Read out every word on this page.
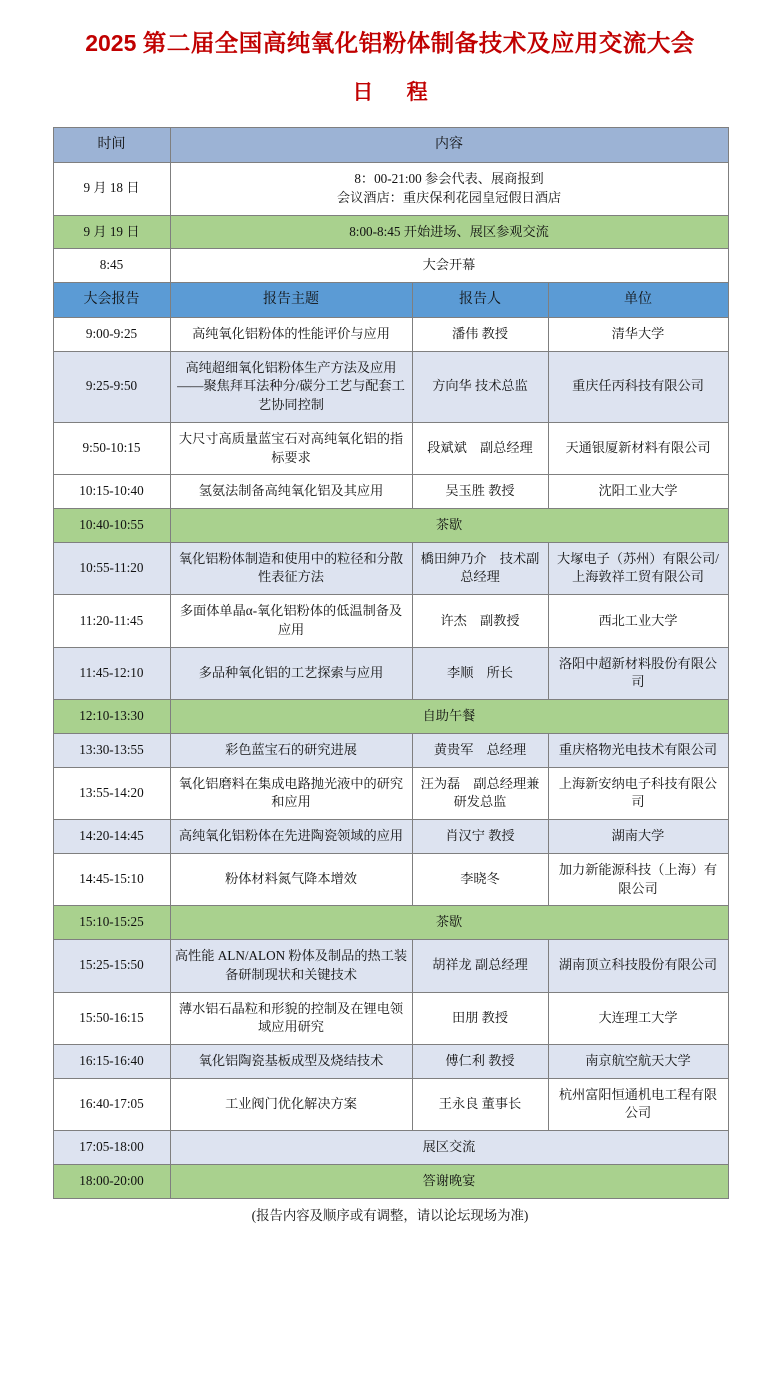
2025 第二届全国高纯氧化铝粉体制备技术及应用交流大会
日 程
时间	内容		
9 月 18 日	8：00-21:00 参会代表、展商报到
会议酒店：重庆保利花园皇冠假日酒店		

9 月 19 日	8:00-8:45 开始进场、展区参观交流		

8:45	大会开幕		

大会报告	报告主题	报告人	单位
9:00-9:25	高纯氧化铝粉体的性能评价与应用	潘伟 教授	清华大学
9:25-9:50	高纯超细氧化铝粉体生产方法及应用——聚焦拜耳法种分/碳分工艺与配套工艺协同控制	方向华 技术总监	重庆任丙科技有限公司
9:50-10:15	大尺寸高质量蓝宝石对高纯氧化铝的指标要求	段斌斌　副总经理	天通银厦新材料有限公司
10:15-10:40	氢氨法制备高纯氧化铝及其应用	吴玉胜 教授	沈阳工业大学
10:40-10:55	茶歇		
10:55-11:20	氧化铝粉体制造和使用中的粒径和分散性表征方法	橋田紳乃介　技术副总经理	大塚电子（苏州）有限公司/上海敦祥工贸有限公司
11:20-11:45	多面体单晶α-氧化铝粉体的低温制备及应用	许杰　副教授	西北工业大学
11:45-12:10	多品种氧化铝的工艺探索与应用	李顺　所长	洛阳中超新材料股份有限公司
12:10-13:30	自助午餐		
13:30-13:55	彩色蓝宝石的研究进展	黄贵军　总经理	重庆格物光电技术有限公司
13:55-14:20	氧化铝磨料在集成电路抛光液中的研究和应用	汪为磊　副总经理兼研发总监	上海新安纳电子科技有限公司
14:20-14:45	高纯氧化铝粉体在先进陶瓷领域的应用	肖汉宁 教授	湖南大学
14:45-15:10	粉体材料氮气降本增效	李晓冬	加力新能源科技（上海）有限公司
15:10-15:25	茶歇		
15:25-15:50	高性能 ALN/ALON 粉体及制品的热工装备研制现状和关键技术	胡祥龙 副总经理	湖南顶立科技股份有限公司
15:50-16:15	薄水铝石晶粒和形貌的控制及在锂电领域应用研究	田朋 教授	大连理工大学
16:15-16:40	氧化铝陶瓷基板成型及烧结技术	傅仁利 教授	南京航空航天大学
16:40-17:05	工业阀门优化解决方案	王永良 董事长	杭州富阳恒通机电工程有限公司
17:05-18:00	展区交流		
18:00-20:00	答谢晚宴		
(报告内容及顺序或有调整，请以论坛现场为准)
